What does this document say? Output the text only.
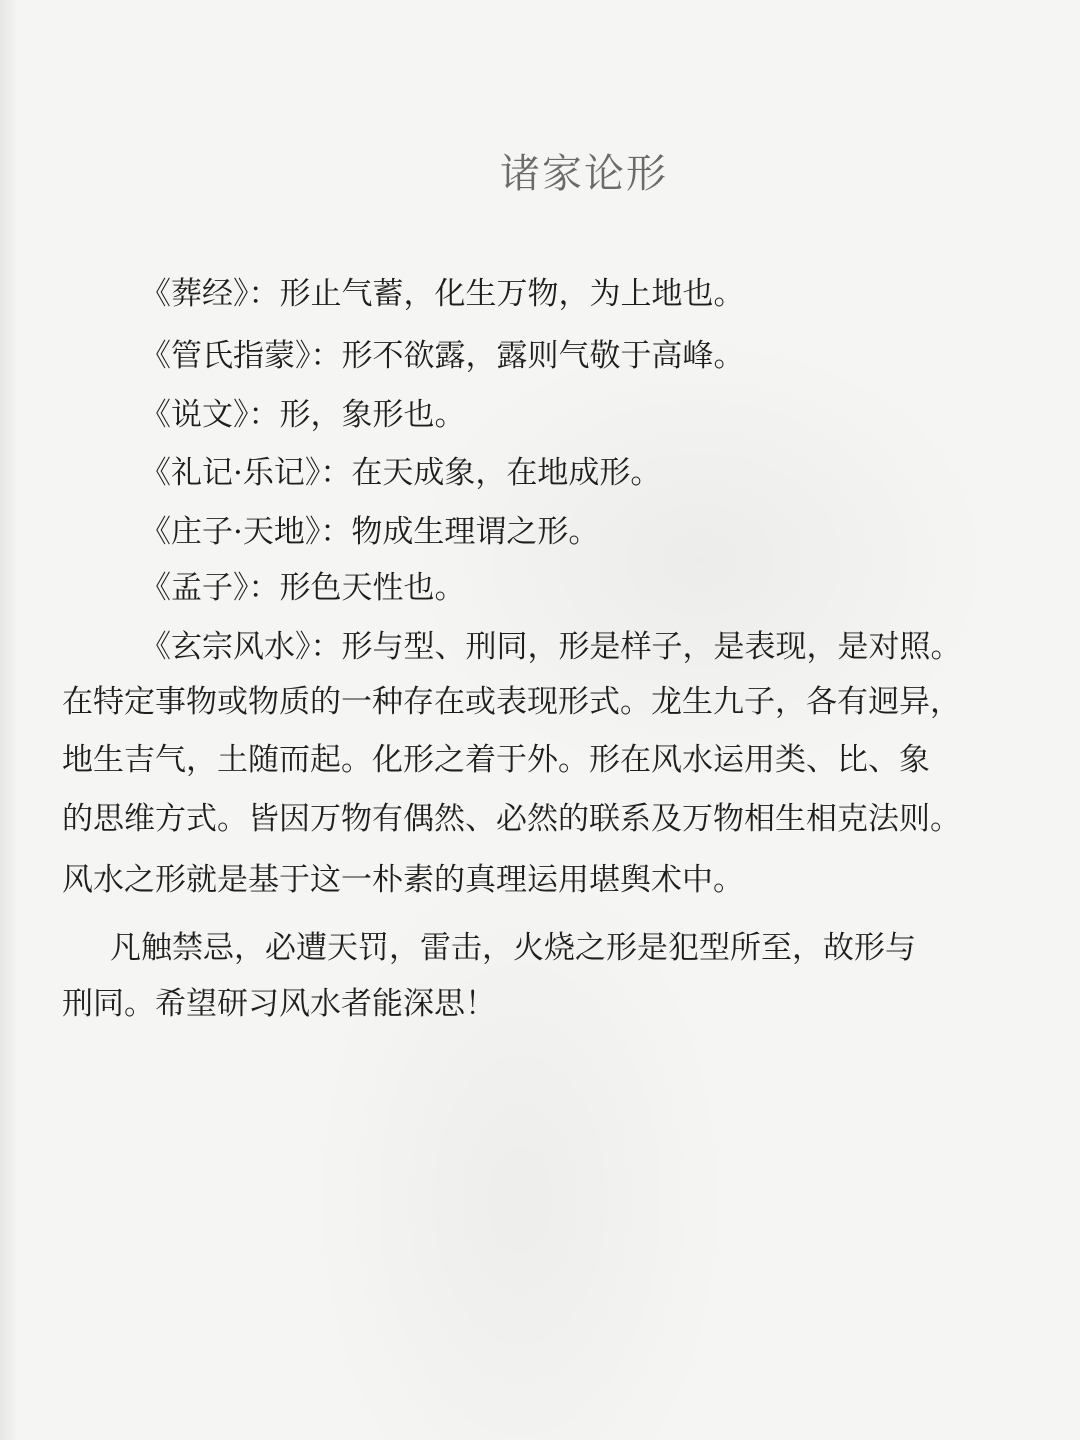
诸家论形
《葬经》：形止气蓄，化生万物，为上地也。
《管氏指蒙》：形不欲露，露则气敬于高峰。
《说文》：形，象形也。
《礼记·乐记》：在天成象，在地成形。
《庄子·天地》：物成生理谓之形。
《孟子》：形色天性也。
《玄宗风水》：形与型、刑同，形是样子，是表现，是对照。
在特定事物或物质的一种存在或表现形式。龙生九子，各有迥异，
地生吉气，土随而起。化形之着于外。形在风水运用类、比、象
的思维方式。皆因万物有偶然、必然的联系及万物相生相克法则。
风水之形就是基于这一朴素的真理运用堪舆术中。
凡触禁忌，必遭天罚，雷击，火烧之形是犯型所至，故形与
刑同。希望研习风水者能深思！
